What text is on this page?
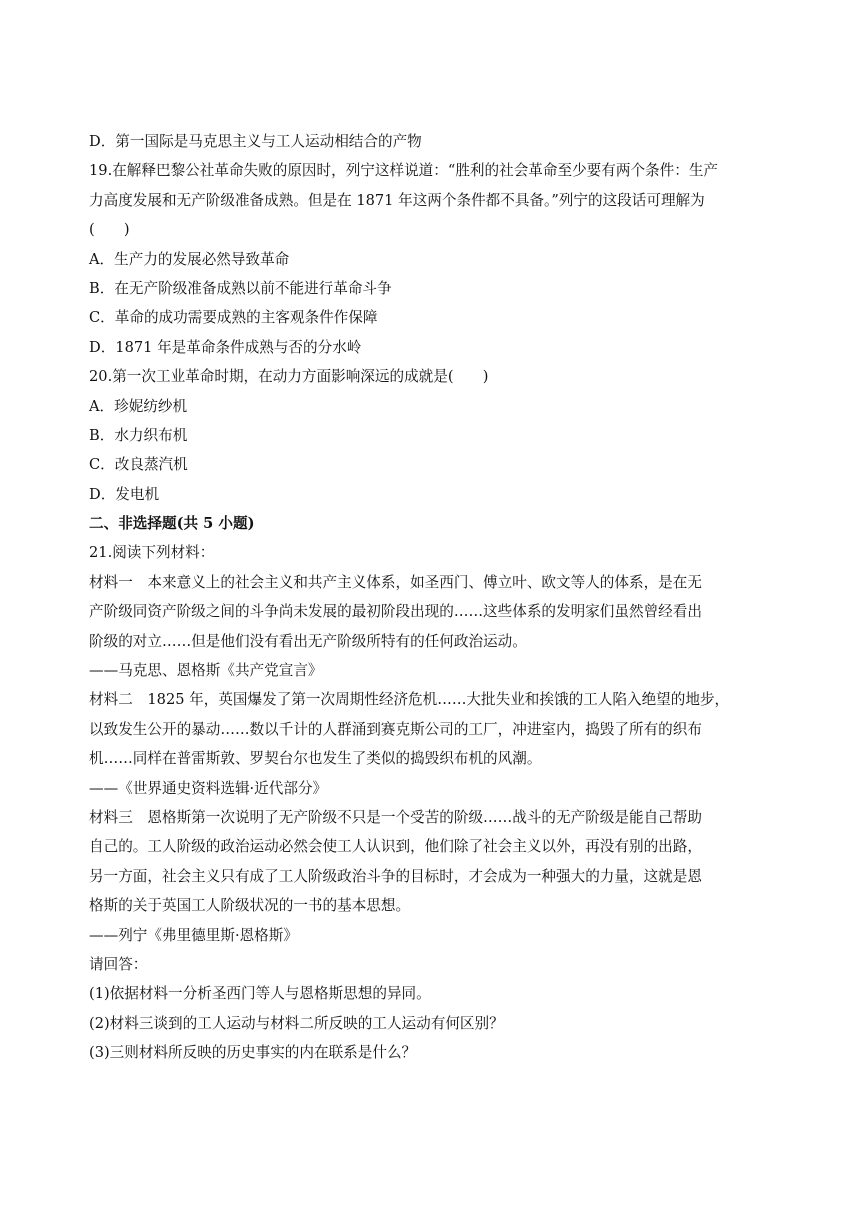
D．第一国际是马克思主义与工人运动相结合的产物
19.在解释巴黎公社革命失败的原因时，列宁这样说道：“胜利的社会革命至少要有两个条件：生产
力高度发展和无产阶级准备成熟。但是在 1871 年这两个条件都不具备。”列宁的这段话可理解为
(　　)
A．生产力的发展必然导致革命
B．在无产阶级准备成熟以前不能进行革命斗争
C．革命的成功需要成熟的主客观条件作保障
D．1871 年是革命条件成熟与否的分水岭
20.第一次工业革命时期，在动力方面影响深远的成就是(　　)
A．珍妮纺纱机
B．水力织布机
C．改良蒸汽机
D．发电机
二、非选择题(共 5 小题)
21.阅读下列材料：
材料一　本来意义上的社会主义和共产主义体系，如圣西门、傅立叶、欧文等人的体系，是在无
产阶级同资产阶级之间的斗争尚未发展的最初阶段出现的……这些体系的发明家们虽然曾经看出
阶级的对立……但是他们没有看出无产阶级所特有的任何政治运动。
——马克思、恩格斯《共产党宣言》
材料二　1825 年，英国爆发了第一次周期性经济危机……大批失业和挨饿的工人陷入绝望的地步，
以致发生公开的暴动……数以千计的人群涌到赛克斯公司的工厂，冲进室内，捣毁了所有的织布
机……同样在普雷斯敦、罗契台尔也发生了类似的捣毁织布机的风潮。
——《世界通史资料选辑·近代部分》
材料三　恩格斯第一次说明了无产阶级不只是一个受苦的阶级……战斗的无产阶级是能自己帮助
自己的。工人阶级的政治运动必然会使工人认识到，他们除了社会主义以外，再没有别的出路，
另一方面，社会主义只有成了工人阶级政治斗争的目标时，才会成为一种强大的力量，这就是恩
格斯的关于英国工人阶级状况的一书的基本思想。
——列宁《弗里德里斯·恩格斯》
请回答：
(1)依据材料一分析圣西门等人与恩格斯思想的异同。
(2)材料三谈到的工人运动与材料二所反映的工人运动有何区别？
(3)三则材料所反映的历史事实的内在联系是什么？
